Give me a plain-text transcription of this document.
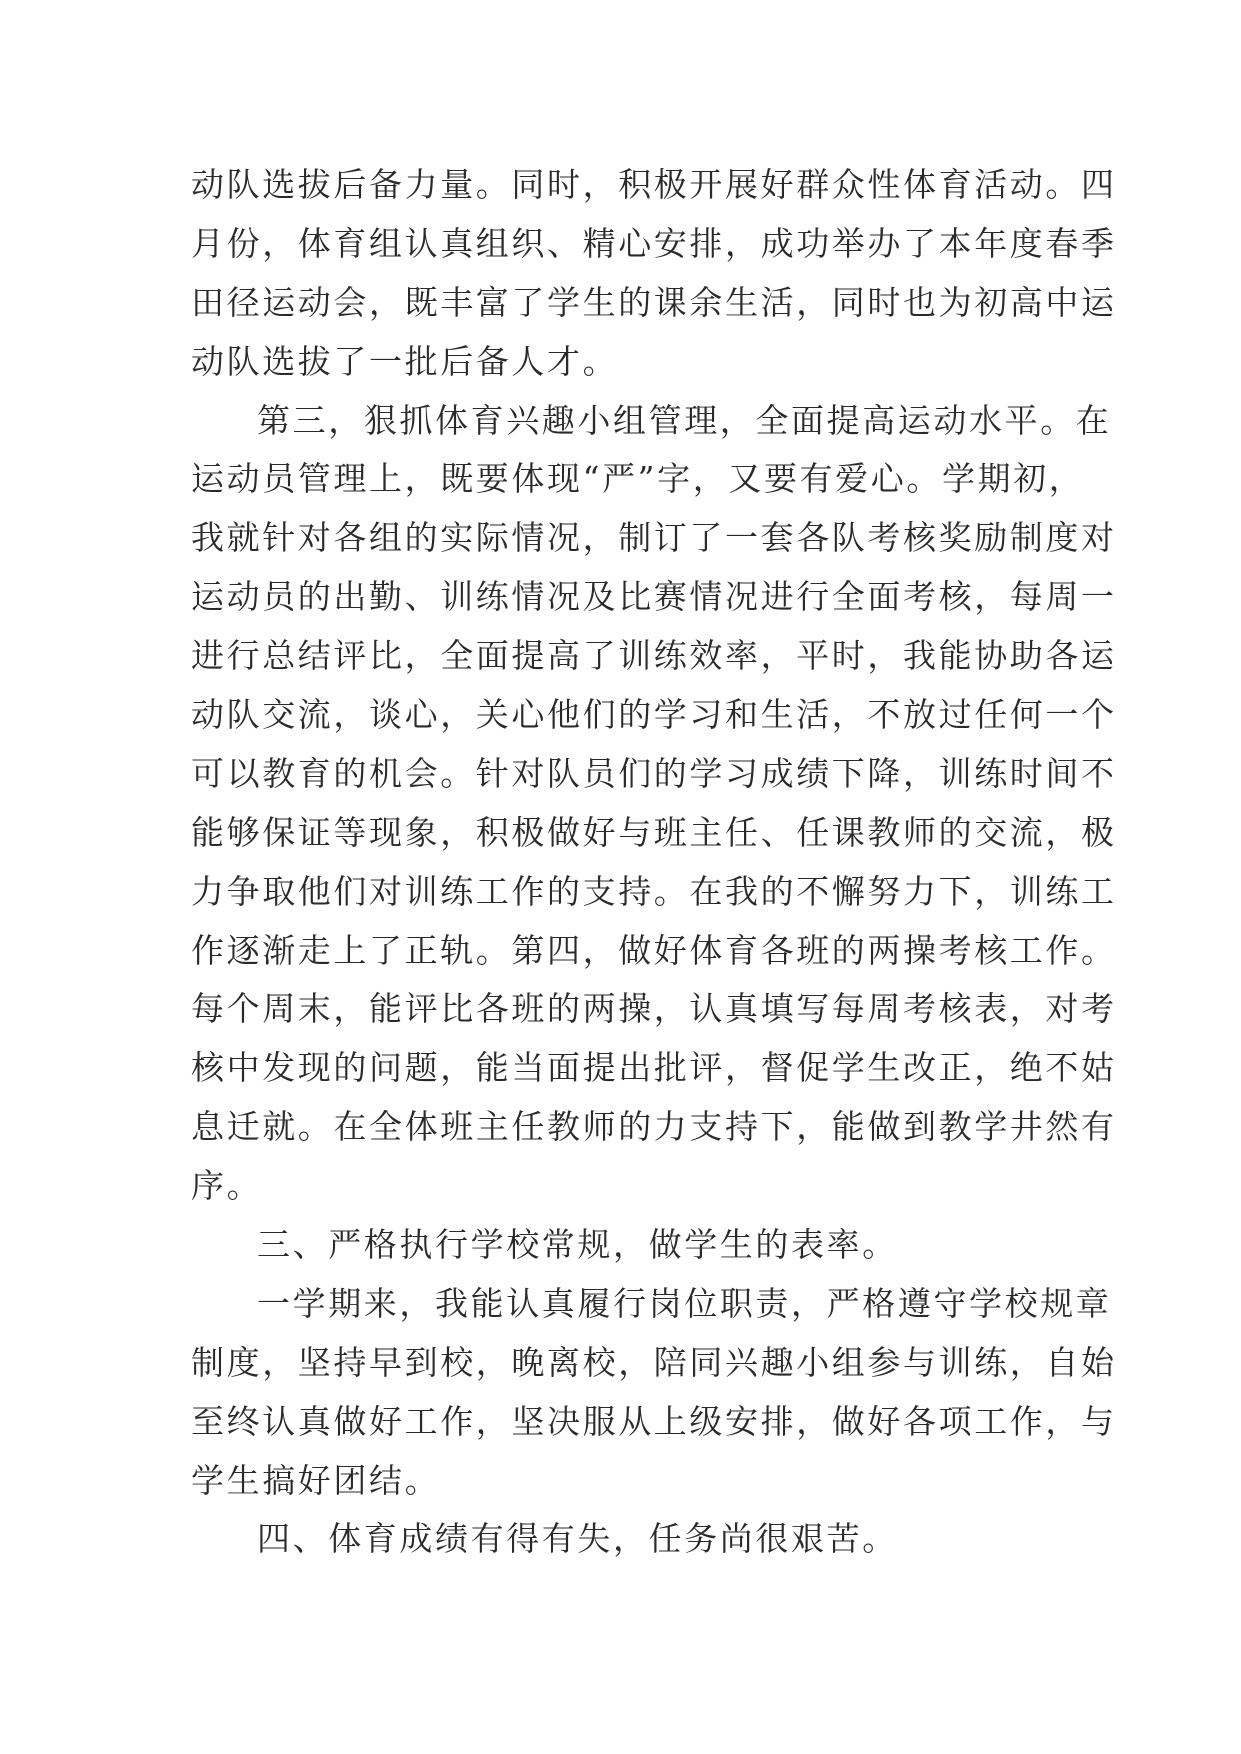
动队选拔后备力量。同时，积极开展好群众性体育活动。四
月份，体育组认真组织、精心安排，成功举办了本年度春季
田径运动会，既丰富了学生的课余生活，同时也为初高中运
动队选拔了一批后备人才。
第三，狠抓体育兴趣小组管理，全面提高运动水平。在
运动员管理上，既要体现“严”字，又要有爱心。学期初，
我就针对各组的实际情况，制订了一套各队考核奖励制度对
运动员的出勤、训练情况及比赛情况进行全面考核，每周一
进行总结评比，全面提高了训练效率，平时，我能协助各运
动队交流，谈心，关心他们的学习和生活，不放过任何一个
可以教育的机会。针对队员们的学习成绩下降，训练时间不
能够保证等现象，积极做好与班主任、任课教师的交流，极
力争取他们对训练工作的支持。在我的不懈努力下，训练工
作逐渐走上了正轨。第四，做好体育各班的两操考核工作。
每个周末，能评比各班的两操，认真填写每周考核表，对考
核中发现的问题，能当面提出批评，督促学生改正，绝不姑
息迁就。在全体班主任教师的力支持下，能做到教学井然有
序。
三、严格执行学校常规，做学生的表率。
一学期来，我能认真履行岗位职责，严格遵守学校规章
制度，坚持早到校，晚离校，陪同兴趣小组参与训练，自始
至终认真做好工作，坚决服从上级安排，做好各项工作，与
学生搞好团结。
四、体育成绩有得有失，任务尚很艰苦。
